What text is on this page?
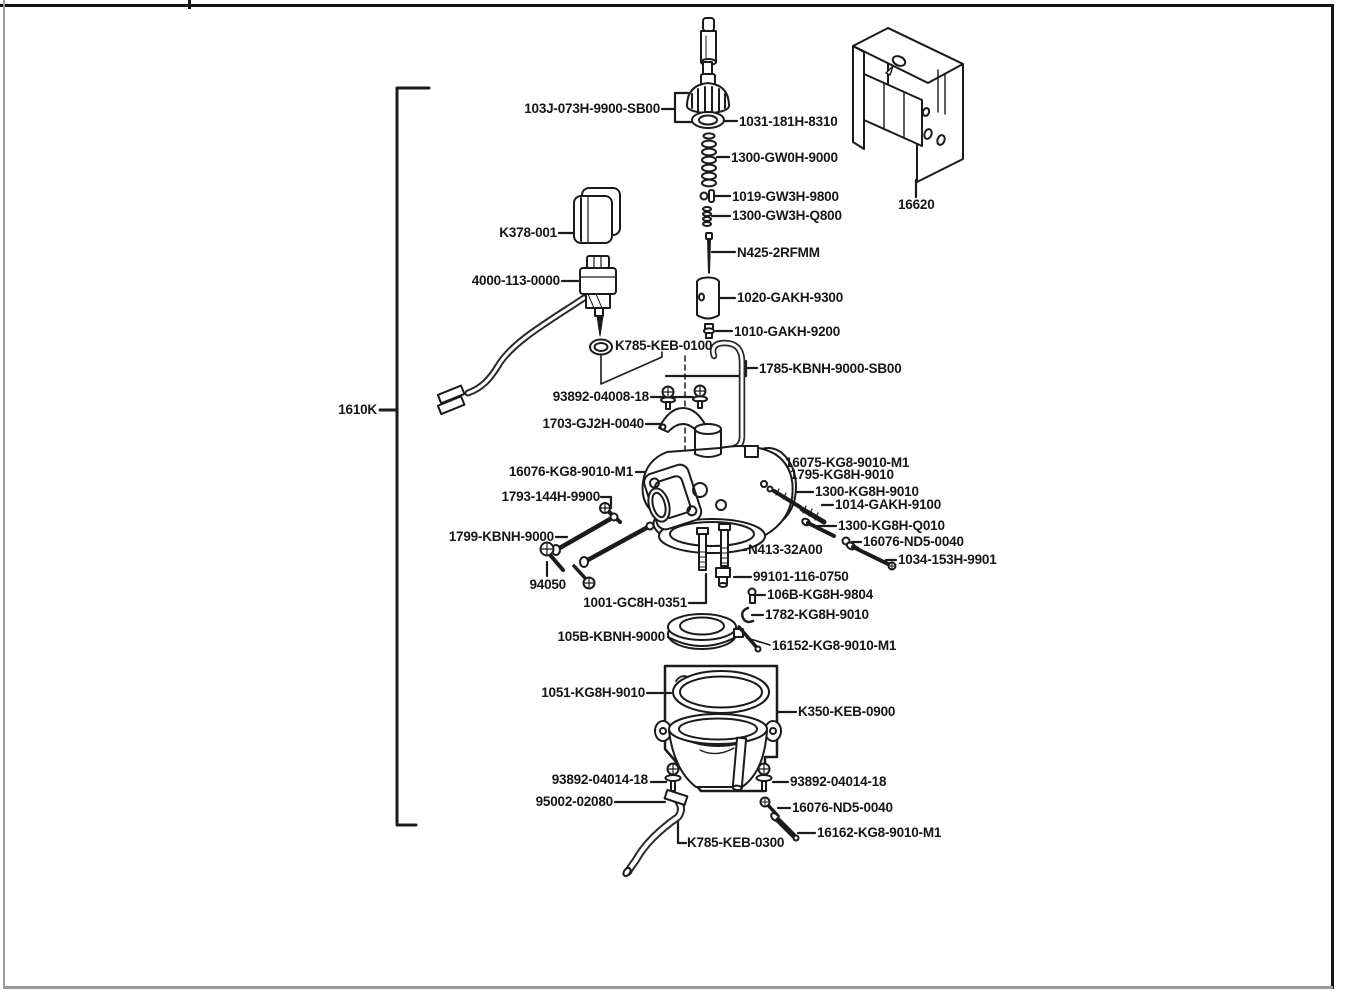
103J-073H-9900-SB00
1031-181H-8310
1300-GW0H-9000
1019-GW3H-9800
1300-GW3H-Q800
K378-001
N425-2RFMM
4000-113-0000
1020-GAKH-9300
1010-GAKH-9200
K785-KEB-0100
1785-KBNH-9000-SB00
93892-04008-18
1703-GJ2H-0040
16076-KG8-9010-M1
1793-144H-9900
1799-KBNH-9000
94050
1001-GC8H-0351
105B-KBNH-9000
16075-KG8-9010-M1
1795-KG8H-9010
1300-KG8H-9010
1014-GAKH-9100
1300-KG8H-Q010
16076-ND5-0040
1034-153H-9901
N413-32A00
99101-116-0750
106B-KG8H-9804
1782-KG8H-9010
16152-KG8-9010-M1
1051-KG8H-9010
K350-KEB-0900
93892-04014-18	93892-04014-18
95002-02080	16076-ND5-0040
16162-KG8-9010-M1
K785-KEB-0300
16620
1610K
